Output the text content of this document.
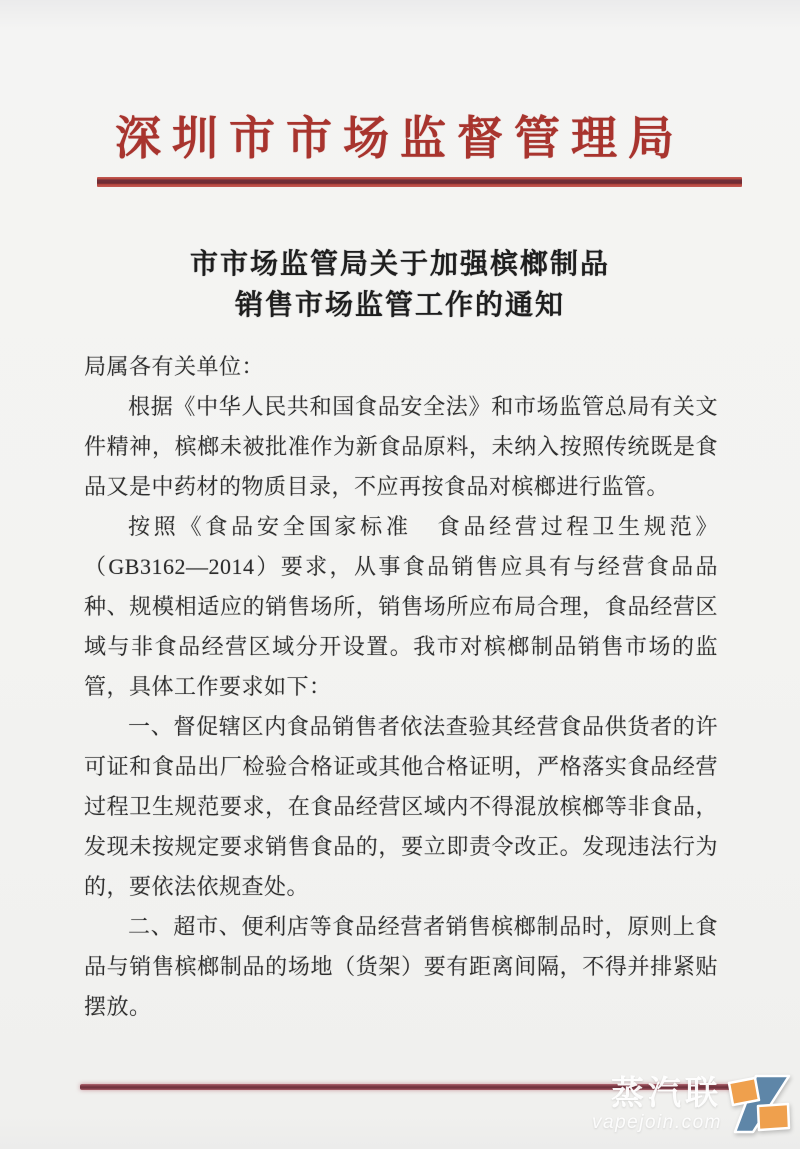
深圳市市场监督管理局
市市场监管局关于加强槟榔制品
销售市场监管工作的通知

局属各有关单位：

根据《中华人民共和国食品安全法》和市场监管总局有关文件精神，槟榔未被批准作为新食品原料，未纳入按照传统既是食品又是中药材的物质目录，不应再按食品对槟榔进行监管。

按照《食品安全国家标准　食品经营过程卫生规范》（GB3162—2014）要求，从事食品销售应具有与经营食品品种、规模相适应的销售场所，销售场所应布局合理，食品经营区域与非食品经营区域分开设置。我市对槟榔制品销售市场的监管，具体工作要求如下：

一、督促辖区内食品销售者依法查验其经营食品供货者的许可证和食品出厂检验合格证或其他合格证明，严格落实食品经营过程卫生规范要求，在食品经营区域内不得混放槟榔等非食品，发现未按规定要求销售食品的，要立即责令改正。发现违法行为的，要依法依规查处。

二、超市、便利店等食品经营者销售槟榔制品时，原则上食品与销售槟榔制品的场地（货架）要有距离间隔，不得并排紧贴摆放。

蒸汽联
vapejoin.com
